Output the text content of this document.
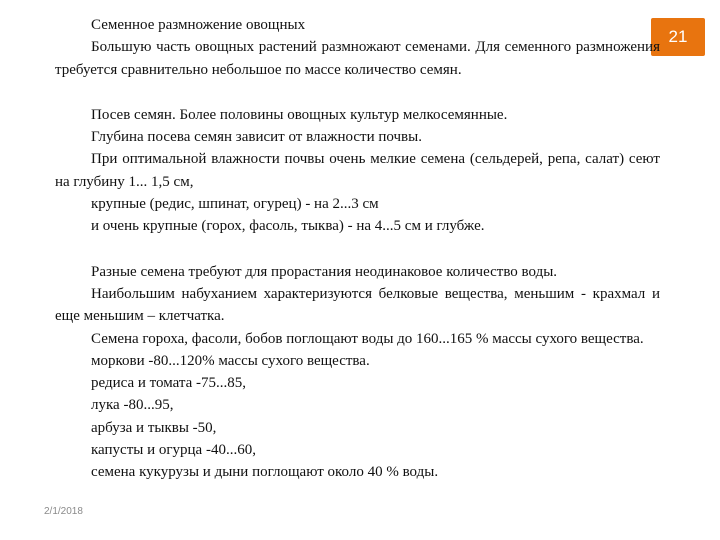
21

Семенное размножение овощных

Большую часть овощных растений размножают семенами. Для семенного размножения требуется сравнительно небольшое по массе количество семян.

Посев семян. Более половины овощных культур мелкосемянные.

Глубина посева семян зависит от влажности почвы.

При оптимальной влажности почвы очень мелкие семена (сельдерей, репа, салат) сеют на глубину 1... 1,5 см,

крупные (редис, шпинат, огурец) - на 2...3 см

и очень крупные (горох, фасоль, тыква) - на 4...5 см и глубже.

Разные семена требуют для прорастания неодинаковое количество воды.

Наибольшим набуханием характеризуются белковые вещества, меньшим - крахмал и еще меньшим – клетчатка.

Семена гороха, фасоли, бобов поглощают воды до 160...165 % массы сухого вещества.

моркови -80...120% массы сухого вещества.

редиса и томата -75...85,

лука -80...95,

арбуза и тыквы -50,

капусты и огурца -40...60,

семена кукурузы и дыни поглощают около 40 % воды.

2/1/2018
